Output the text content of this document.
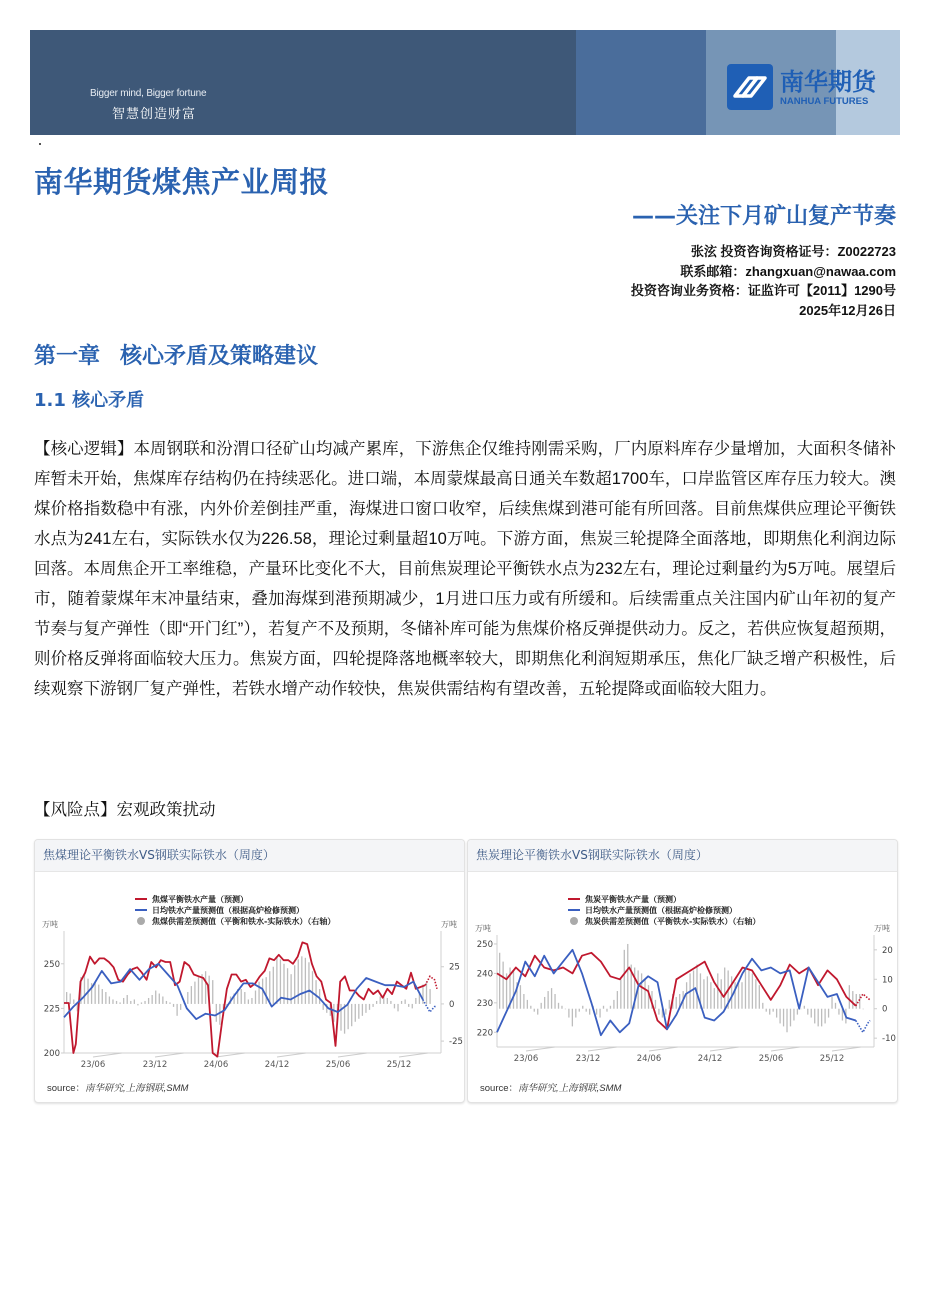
Bigger mind, Bigger fortune
智慧创造财富
南华期货
NANHUA FUTURES
南华期货煤焦产业周报
——关注下月矿山复产节奏
张泫 投资咨询资格证号：Z0022723
联系邮箱：zhangxuan@nawaa.com
投资咨询业务资格：证监许可【2011】1290号
2025年12月26日
第一章 核心矛盾及策略建议
1.1 核心矛盾
【核心逻辑】本周钢联和汾渭口径矿山均减产累库，下游焦企仅维持刚需采购，厂内原料库存少量增加，大面积冬储补库暂未开始，焦煤库存结构仍在持续恶化。进口端，本周蒙煤最高日通关车数超1700车，口岸监管区库存压力较大。澳煤价格指数稳中有涨，内外价差倒挂严重，海煤进口窗口收窄，后续焦煤到港可能有所回落。目前焦煤供应理论平衡铁水点为241左右，实际铁水仅为226.58，理论过剩量超10万吨。下游方面，焦炭三轮提降全面落地，即期焦化利润边际回落。本周焦企开工率维稳，产量环比变化不大，目前焦炭理论平衡铁水点为232左右，理论过剩量约为5万吨。展望后市，随着蒙煤年末冲量结束，叠加海煤到港预期减少，1月进口压力或有所缓和。后续需重点关注国内矿山年初的复产节奏与复产弹性（即“开门红”），若复产不及预期，冬储补库可能为焦煤价格反弹提供动力。反之，若供应恢复超预期，则价格反弹将面临较大压力。焦炭方面，四轮提降落地概率较大，即期焦化利润短期承压，焦化厂缺乏增产积极性，后续观察下游钢厂复产弹性，若铁水增产动作较快，焦炭供需结构有望改善，五轮提降或面临较大阻力。
【风险点】宏观政策扰动
焦煤理论平衡铁水VS钢联实际铁水（周度）
焦煤平衡铁水产量（预测）
日均铁水产量预测值（根据高炉检修预测）
焦煤供需差预测值（平衡和铁水-实际铁水）（右轴）
万吨	万吨
200
225
250
-25
0
25
23/06	23/12	24/06	24/12	25/06	25/12
source：南华研究,上海钢联,SMM
焦炭理论平衡铁水VS钢联实际铁水（周度）
焦炭平衡铁水产量（预测）
日均铁水产量预测值（根据高炉检修预测）
焦炭供需差预测值（平衡铁水-实际铁水）（右轴）
万吨	万吨
220
230
240
250
-10
0
10
20
23/06	23/12	24/06	24/12	25/06	25/12
source：南华研究,上海钢联,SMM
